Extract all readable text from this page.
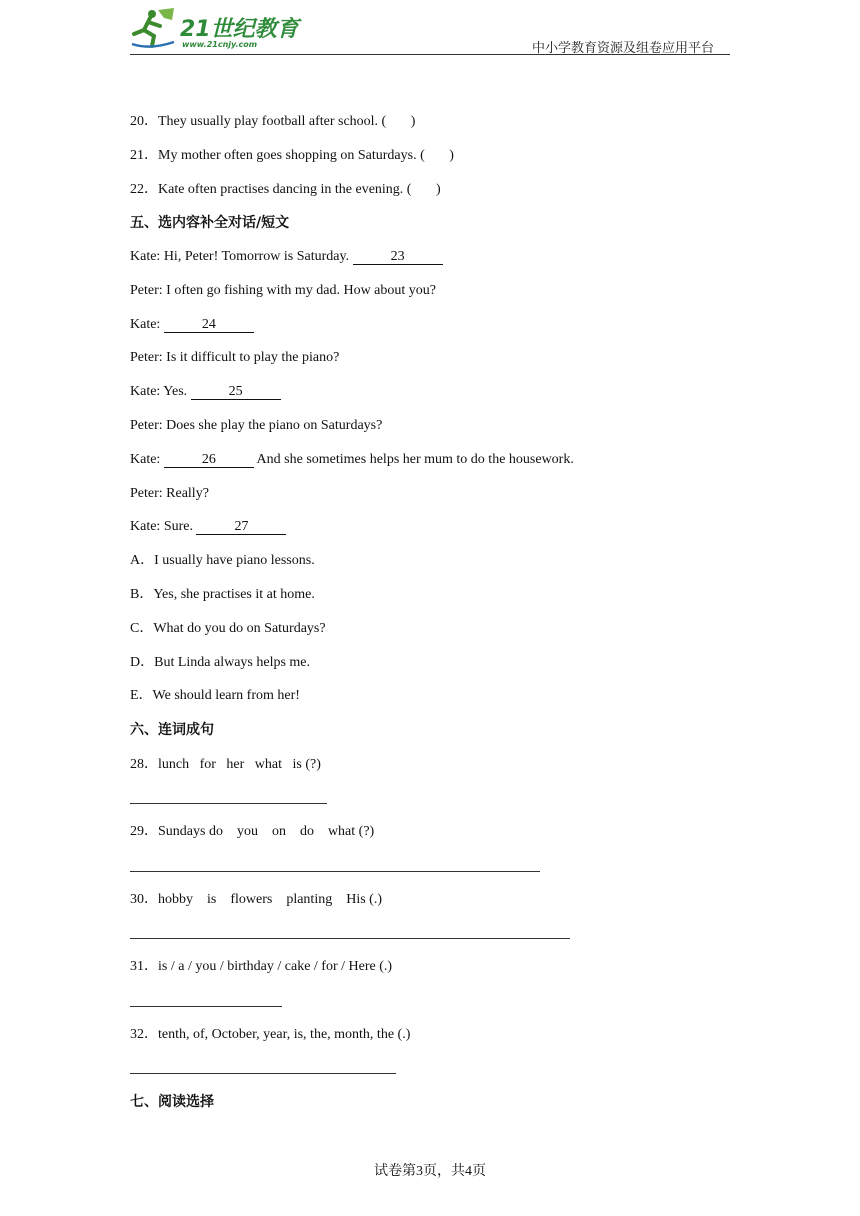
21世纪教育
www.21cnjy.com	中小学教育资源及组卷应用平台
20．They usually play football after school. (       )
21．My mother often goes shopping on Saturdays. (       )
22．Kate often practises dancing in the evening. (       )
五、选内容补全对话/短文
Kate: Hi, Peter! Tomorrow is Saturday.	23
Peter: I often go fishing with my dad. How about you?
Kate:	24
Peter: Is it difficult to play the piano?
Kate: Yes.	25
Peter: Does she play the piano on Saturdays?
Kate:	26	And she sometimes helps her mum to do the housework.
Peter: Really?
Kate: Sure.	27
A．I usually have piano lessons.
B．Yes, she practises it at home.
C．What do you do on Saturdays?
D．But Linda always helps me.
E．We should learn from her!
六、连词成句
28．lunch   for   her   what   is (?)
29．Sundays do    you    on    do    what (?)
30．hobby    is    flowers    planting    His (.)
31．is / a / you / birthday / cake / for / Here (.)
32．tenth, of, October, year, is, the, month, the (.)
七、阅读选择
试卷第3页，共4页
